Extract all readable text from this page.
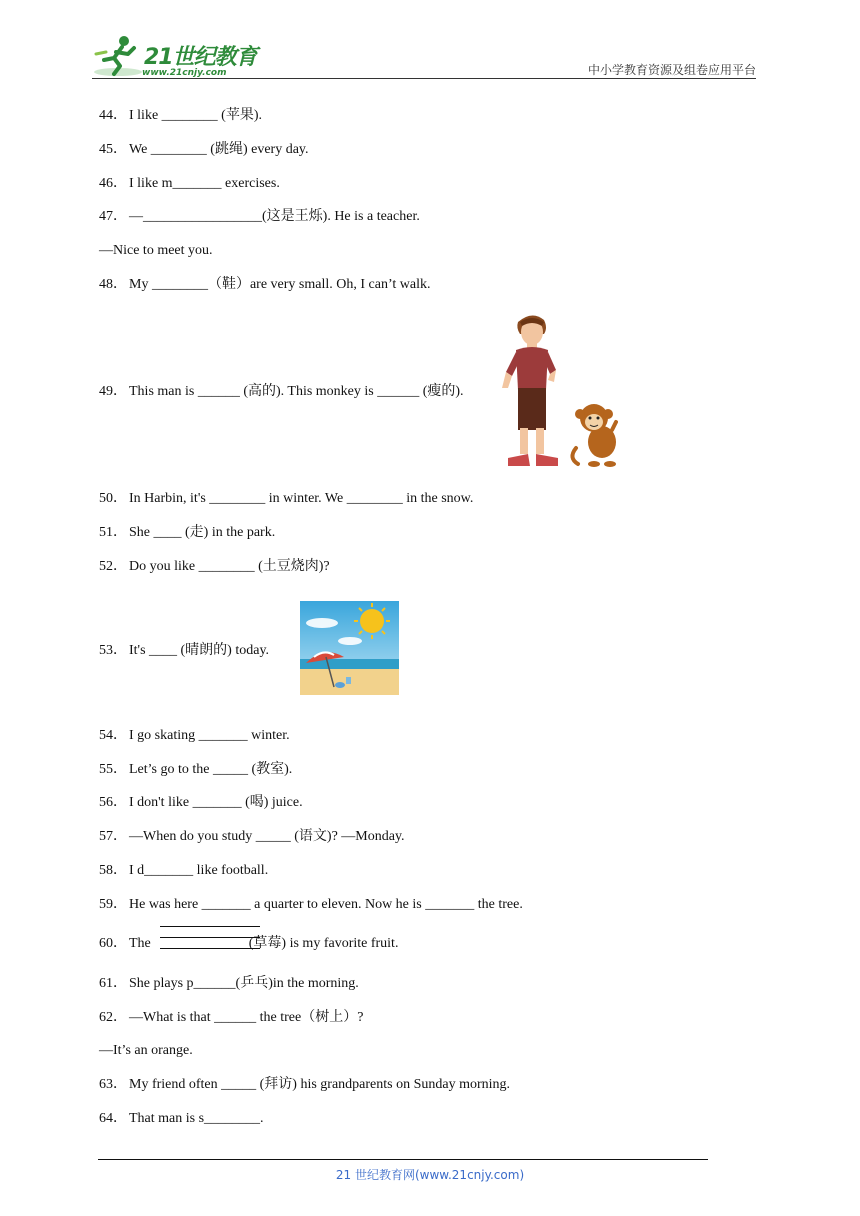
21世纪教育
www.21cnjy.com	中小学教育资源及组卷应用平台
44． I like ________ (苹果).
45． We ________ (跳绳) every day.
46． I like m_______ exercises.
47． —_________________(这是王烁). He is a teacher.
—Nice to meet you.
48． My ________（鞋）are very small. Oh, I can’t walk.
49． This man is ______ (高的). This monkey is ______ (瘦的).
50． In Harbin, it's ________ in winter. We ________ in the snow.
51． She ____ (走) in the park.
52． Do you like ________ (土豆烧肉)?
53． It's ____ (晴朗的) today.
54． I go skating _______ winter.
55． Let’s go to the _____ (教室).
56． I don't like _______ (喝) juice.
57． —When do you study _____ (语文)? —Monday.
58． I d_______ like football.
59． He was here _______ a quarter to eleven. Now he is _______ the tree.
60． The                            (草莓) is my favorite fruit.
61． She plays p______(乒乓)in the morning.
62． —What is that ______ the tree（树上）?
—It’s an orange.
63． My friend often _____ (拜访) his grandparents on Sunday morning.
64． That man is s________.
21 世纪教育网(www.21cnjy.com)
